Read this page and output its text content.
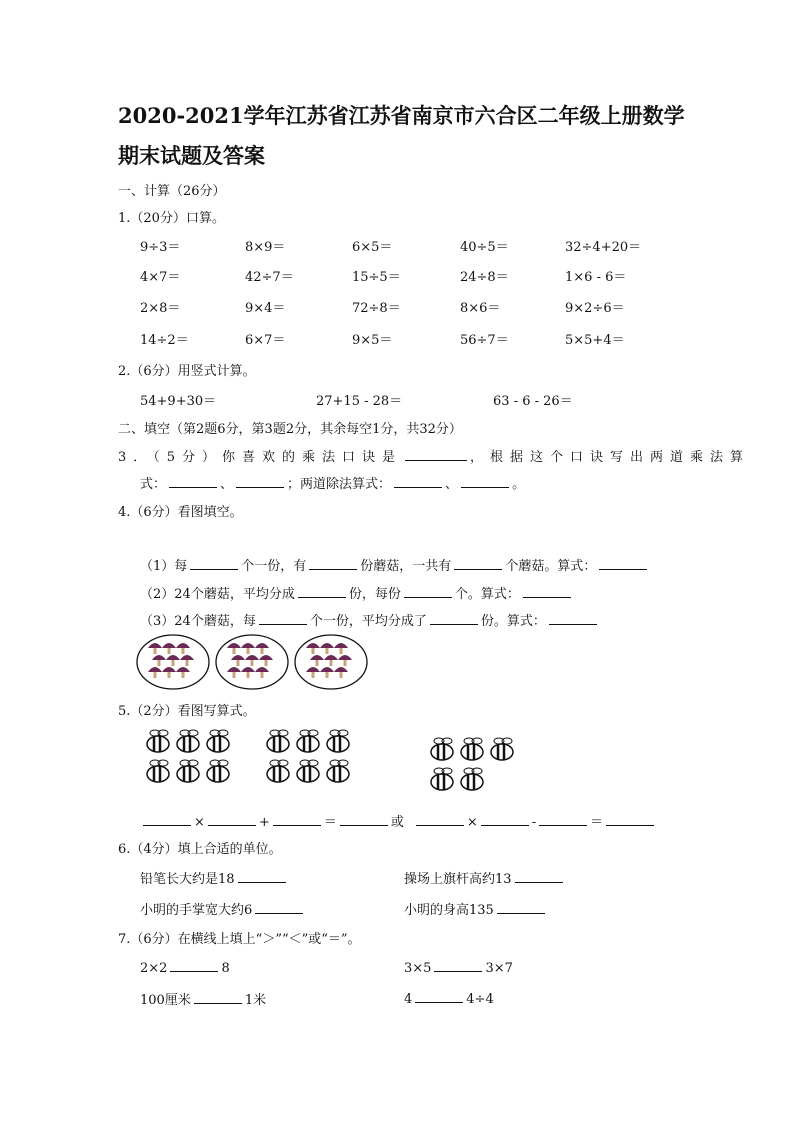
2020-2021学年江苏省江苏省南京市六合区二年级上册数学
期末试题及答案
一、计算（26分）
1.（20分）口算。
9÷3＝	8×9＝	6×5＝	40÷5＝	32÷4+20＝
4×7＝	42÷7＝	15÷5＝	24÷8＝	1×6 - 6＝
2×8＝	9×4＝	72÷8＝	8×6＝	9×2÷6＝
14÷2＝	6×7＝	9×5＝	56÷7＝	5×5+4＝
2.（6分）用竖式计算。
54+9+30＝	27+15 - 28＝	63 - 6 - 26＝
二、填空（第2题6分，第3题2分，其余每空1分，共32分）
3．（5分）你喜欢的乘法口诀是	，根据这个口诀写出两道乘法算
式：	、	；两道除法算式：	、	。
4.（6分）看图填空。
（1）每	个一份，有	份蘑菇，一共有	个蘑菇。算式：
（2）24个蘑菇，平均分成	份，每份	个。算式：
（3）24个蘑菇，每	个一份，平均分成了	份。算式：
5.（2分）看图写算式。
×	+	＝	或	×	-	＝
6.（4分）填上合适的单位。
铅笔长大约是18	操场上旗杆高约13
小明的手掌宽大约6	小明的身高135
7.（6分）在横线上填上“＞”“＜”或“＝”。
2×2	8	3×5	3×7
100厘米	1米	4	4÷4
